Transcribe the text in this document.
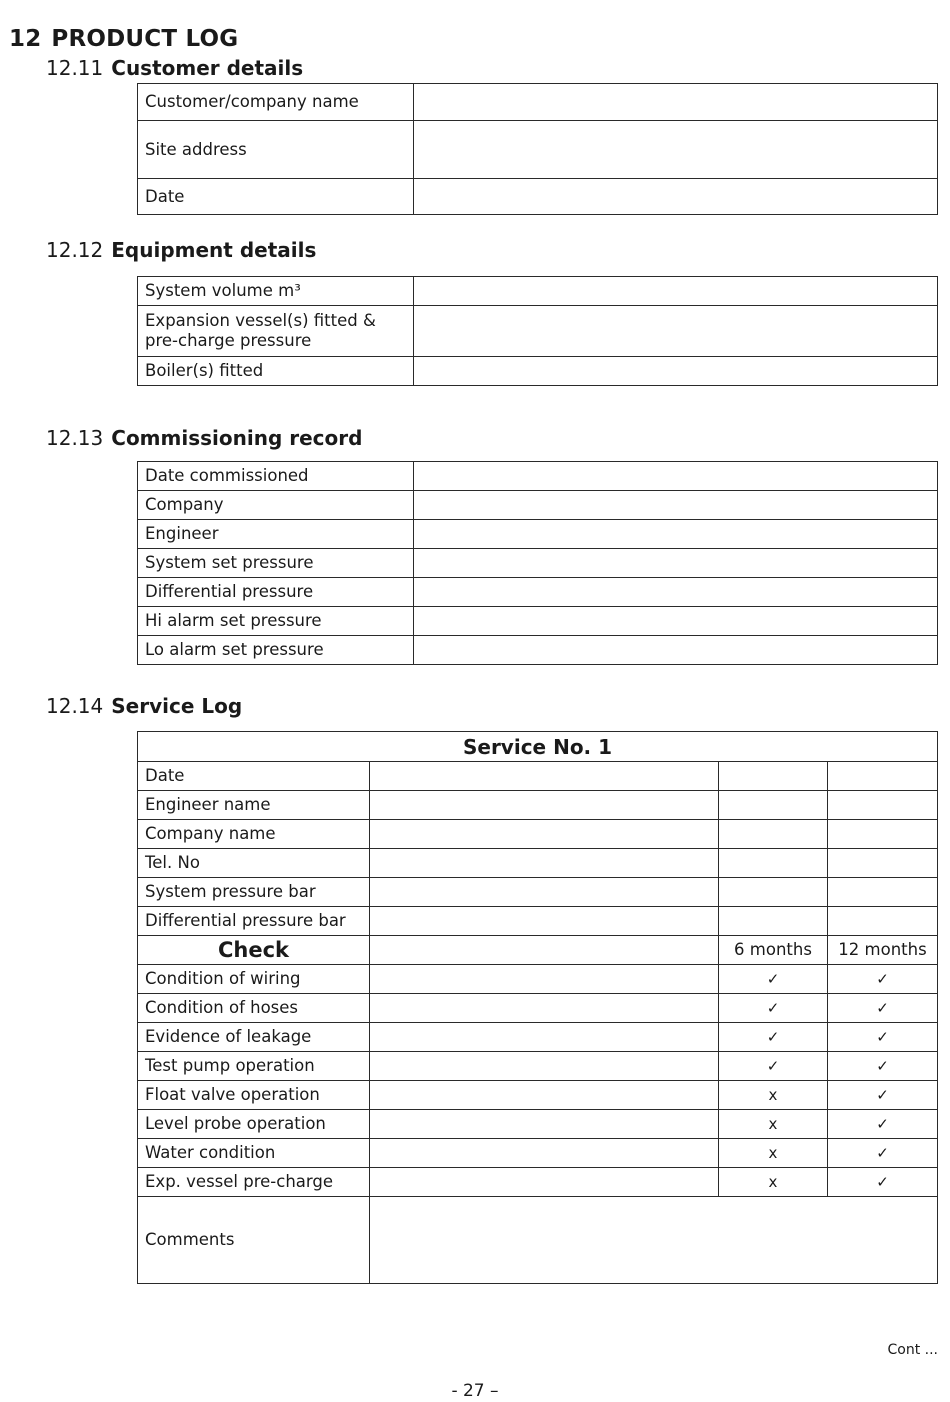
12 PRODUCT LOG
12.11 Customer details
Customer/company name	
Site address	
Date	
12.12 Equipment details
System volume m³	
Expansion vessel(s) fitted & pre-charge pressure	
Boiler(s) fitted	
12.13 Commissioning record
Date commissioned	
Company	
Engineer	
System set pressure	
Differential pressure	
Hi alarm set pressure	
Lo alarm set pressure	
12.14 Service Log
Service No. 1			
Date			
Engineer name			
Company name			
Tel. No			
System pressure bar			
Differential pressure bar			
Check		6 months	12 months
Condition of wiring		✓	✓
Condition of hoses		✓	✓
Evidence of leakage		✓	✓
Test pump operation		✓	✓
Float valve operation		x	✓
Level probe operation		x	✓
Water condition		x	✓
Exp. vessel pre-charge		x	✓
Comments			
Cont ...
- 27 –
